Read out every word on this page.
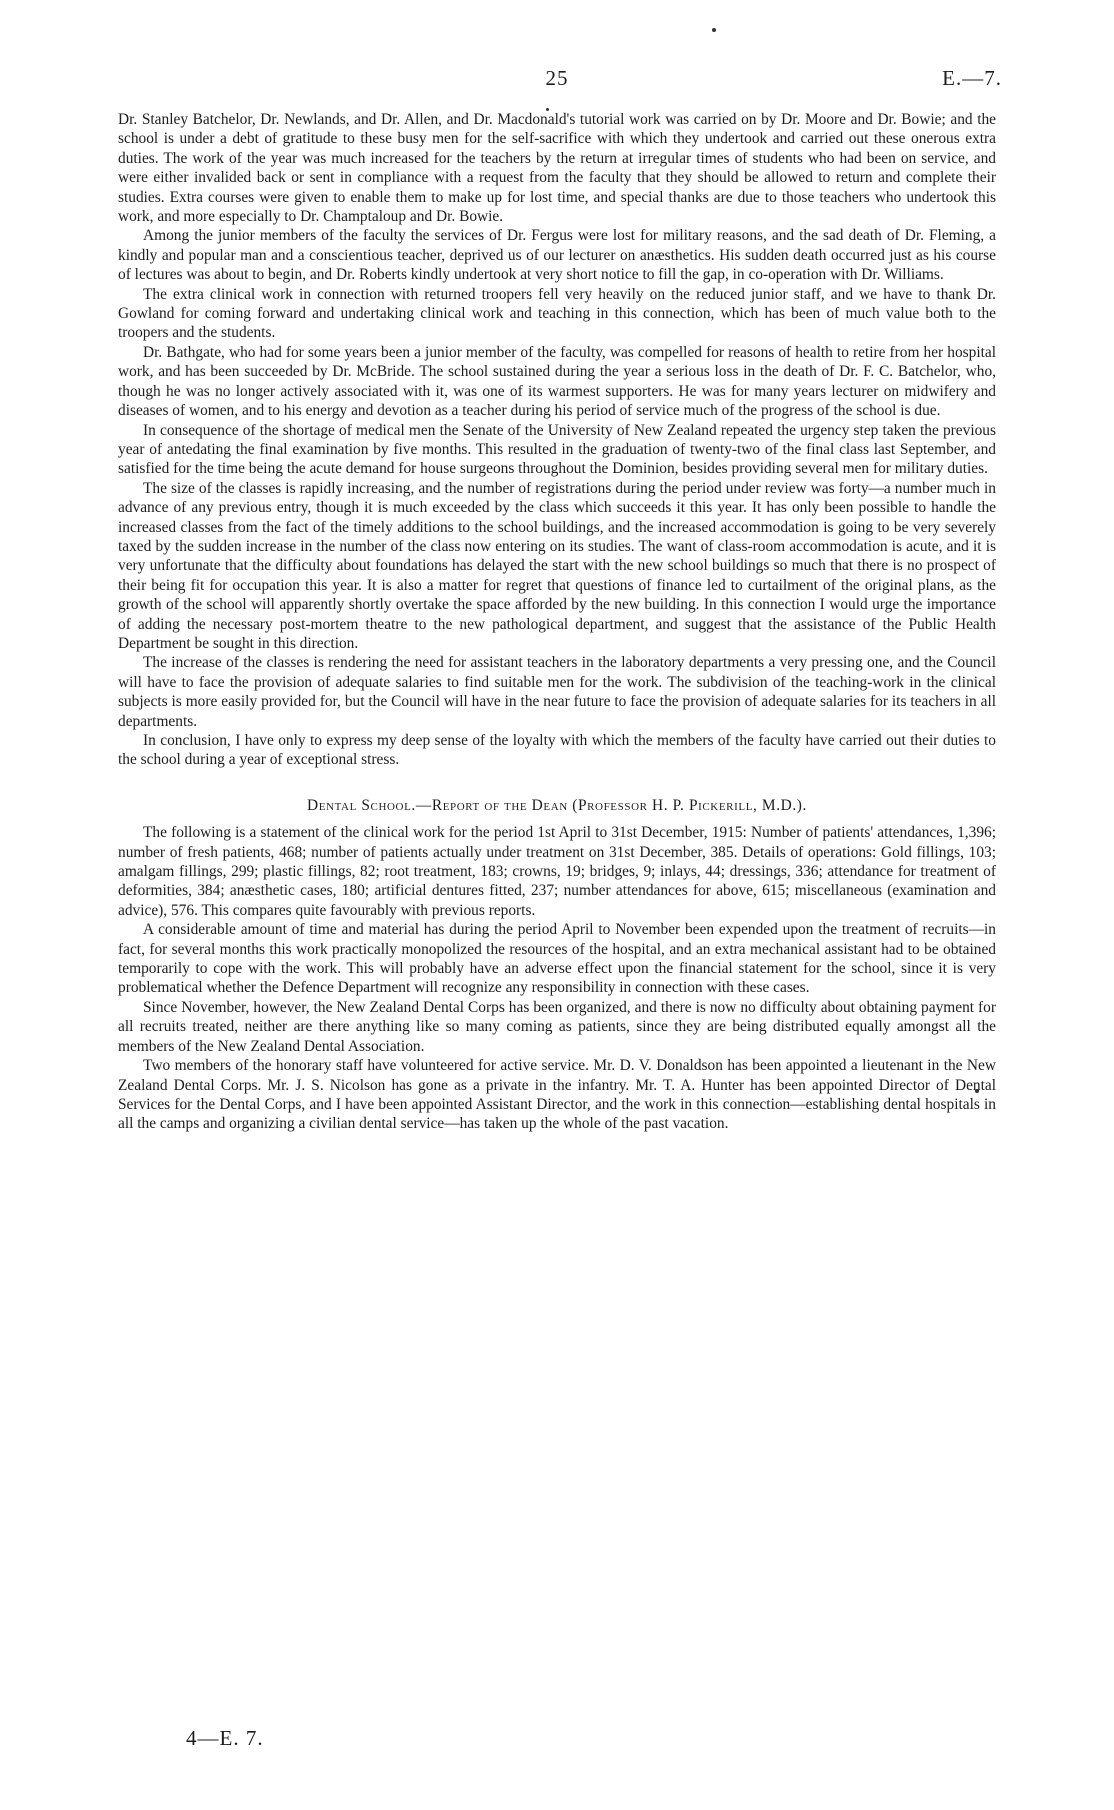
25	E.—7.

Dr. Stanley Batchelor, Dr. Newlands, and Dr. Allen, and Dr. Macdonald's tutorial work was carried on by Dr. Moore and Dr. Bowie; and the school is under a debt of gratitude to these busy men for the self-sacrifice with which they undertook and carried out these onerous extra duties. The work of the year was much increased for the teachers by the return at irregular times of students who had been on service, and were either invalided back or sent in compliance with a request from the faculty that they should be allowed to return and complete their studies. Extra courses were given to enable them to make up for lost time, and special thanks are due to those teachers who undertook this work, and more especially to Dr. Champtaloup and Dr. Bowie.

Among the junior members of the faculty the services of Dr. Fergus were lost for military reasons, and the sad death of Dr. Fleming, a kindly and popular man and a conscientious teacher, deprived us of our lecturer on anæsthetics. His sudden death occurred just as his course of lectures was about to begin, and Dr. Roberts kindly undertook at very short notice to fill the gap, in co-operation with Dr. Williams.

The extra clinical work in connection with returned troopers fell very heavily on the reduced junior staff, and we have to thank Dr. Gowland for coming forward and undertaking clinical work and teaching in this connection, which has been of much value both to the troopers and the students.

Dr. Bathgate, who had for some years been a junior member of the faculty, was compelled for reasons of health to retire from her hospital work, and has been succeeded by Dr. McBride. The school sustained during the year a serious loss in the death of Dr. F. C. Batchelor, who, though he was no longer actively associated with it, was one of its warmest supporters. He was for many years lecturer on midwifery and diseases of women, and to his energy and devotion as a teacher during his period of service much of the progress of the school is due.

In consequence of the shortage of medical men the Senate of the University of New Zealand repeated the urgency step taken the previous year of antedating the final examination by five months. This resulted in the graduation of twenty-two of the final class last September, and satisfied for the time being the acute demand for house surgeons throughout the Dominion, besides providing several men for military duties.

The size of the classes is rapidly increasing, and the number of registrations during the period under review was forty—a number much in advance of any previous entry, though it is much exceeded by the class which succeeds it this year. It has only been possible to handle the increased classes from the fact of the timely additions to the school buildings, and the increased accommodation is going to be very severely taxed by the sudden increase in the number of the class now entering on its studies. The want of class-room accommodation is acute, and it is very unfortunate that the difficulty about foundations has delayed the start with the new school buildings so much that there is no prospect of their being fit for occupation this year. It is also a matter for regret that questions of finance led to curtailment of the original plans, as the growth of the school will apparently shortly overtake the space afforded by the new building. In this connection I would urge the importance of adding the necessary post-mortem theatre to the new pathological department, and suggest that the assistance of the Public Health Department be sought in this direction.

The increase of the classes is rendering the need for assistant teachers in the laboratory departments a very pressing one, and the Council will have to face the provision of adequate salaries to find suitable men for the work. The subdivision of the teaching-work in the clinical subjects is more easily provided for, but the Council will have in the near future to face the provision of adequate salaries for its teachers in all departments.

In conclusion, I have only to express my deep sense of the loyalty with which the members of the faculty have carried out their duties to the school during a year of exceptional stress.

Dental School.—Report of the Dean (Professor H. P. Pickerill, M.D.).

The following is a statement of the clinical work for the period 1st April to 31st December, 1915: Number of patients' attendances, 1,396; number of fresh patients, 468; number of patients actually under treatment on 31st December, 385. Details of operations: Gold fillings, 103; amalgam fillings, 299; plastic fillings, 82; root treatment, 183; crowns, 19; bridges, 9; inlays, 44; dressings, 336; attendance for treatment of deformities, 384; anæsthetic cases, 180; artificial dentures fitted, 237; number attendances for above, 615; miscellaneous (examination and advice), 576. This compares quite favourably with previous reports.

A considerable amount of time and material has during the period April to November been expended upon the treatment of recruits—in fact, for several months this work practically monopolized the resources of the hospital, and an extra mechanical assistant had to be obtained temporarily to cope with the work. This will probably have an adverse effect upon the financial statement for the school, since it is very problematical whether the Defence Department will recognize any responsibility in connection with these cases.

Since November, however, the New Zealand Dental Corps has been organized, and there is now no difficulty about obtaining payment for all recruits treated, neither are there anything like so many coming as patients, since they are being distributed equally amongst all the members of the New Zealand Dental Association.

Two members of the honorary staff have volunteered for active service. Mr. D. V. Donaldson has been appointed a lieutenant in the New Zealand Dental Corps. Mr. J. S. Nicolson has gone as a private in the infantry. Mr. T. A. Hunter has been appointed Director of Dental Services for the Dental Corps, and I have been appointed Assistant Director, and the work in this connection—establishing dental hospitals in all the camps and organizing a civilian dental service—has taken up the whole of the past vacation.

4—E. 7.
